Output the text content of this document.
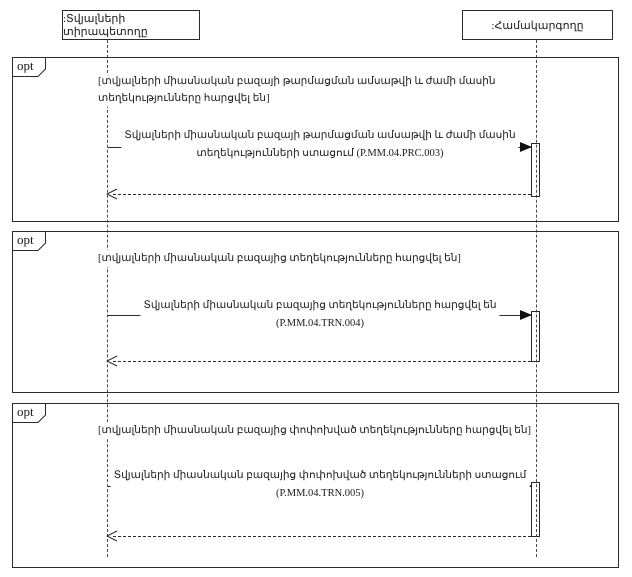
:Տվյալների տիրապետողը
:Համակարգողը
opt
opt
opt
[տվյալների միասնական բազայի թարմացման ամսաթվի և ժամի մասին
տեղեկությունները հարցվել են]
Տվյալների միասնական բազայի թարմացման ամսաթվի և ժամի մասին
տեղեկությունների ստացում (P.MM.04.PRC.003)
[տվյալների միասնական բազայից տեղեկությունները հարցվել են]
Տվյալների միասնական բազայից տեղեկությունները հարցվել են
(P.MM.04.TRN.004)
[տվյալների միասնական բազայից փոփոխված տեղեկությունները հարցվել են]
Տվյալների միասնական բազայից փոփոխված տեղեկությունների ստացում
(P.MM.04.TRN.005)
